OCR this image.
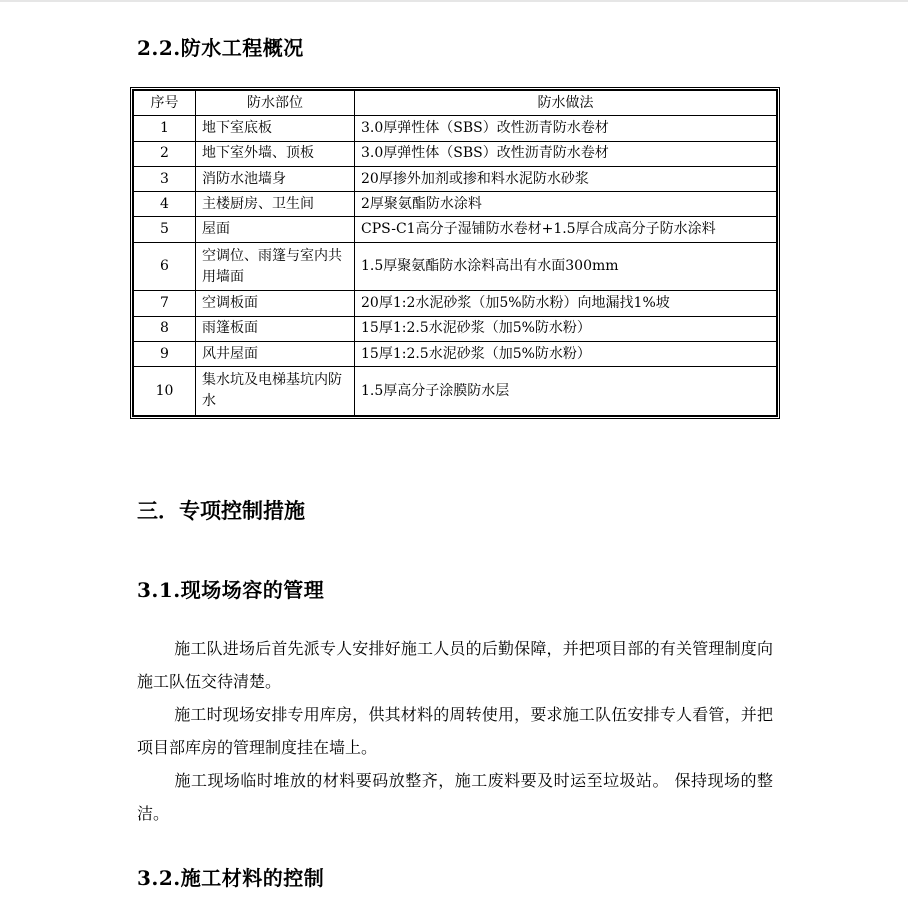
2.2.防水工程概况
序号	防水部位	防水做法
1	地下室底板	3.0厚弹性体（SBS）改性沥青防水卷材
2	地下室外墙、顶板	3.0厚弹性体（SBS）改性沥青防水卷材
3	消防水池墙身	20厚掺外加剂或掺和料水泥防水砂浆
4	主楼厨房、卫生间	2厚聚氨酯防水涂料
5	屋面	CPS-C1高分子湿铺防水卷材+1.5厚合成高分子防水涂料
6	空调位、雨篷与室内共用墙面	1.5厚聚氨酯防水涂料高出有水面300mm
7	空调板面	20厚1:2水泥砂浆（加5%防水粉）向地漏找1%坡
8	雨篷板面	15厚1:2.5水泥砂浆（加5%防水粉）
9	风井屋面	15厚1:2.5水泥砂浆（加5%防水粉）
10	集水坑及电梯基坑内防水	1.5厚高分子涂膜防水层
三．专项控制措施
3.1.现场场容的管理

施工队进场后首先派专人安排好施工人员的后勤保障，并把项目部的有关管理制度向施工队伍交待清楚。

施工时现场安排专用库房，供其材料的周转使用，要求施工队伍安排专人看管，并把项目部库房的管理制度挂在墙上。

施工现场临时堆放的材料要码放整齐，施工废料要及时运至垃圾站。 保持现场的整洁。

3.2.施工材料的控制
